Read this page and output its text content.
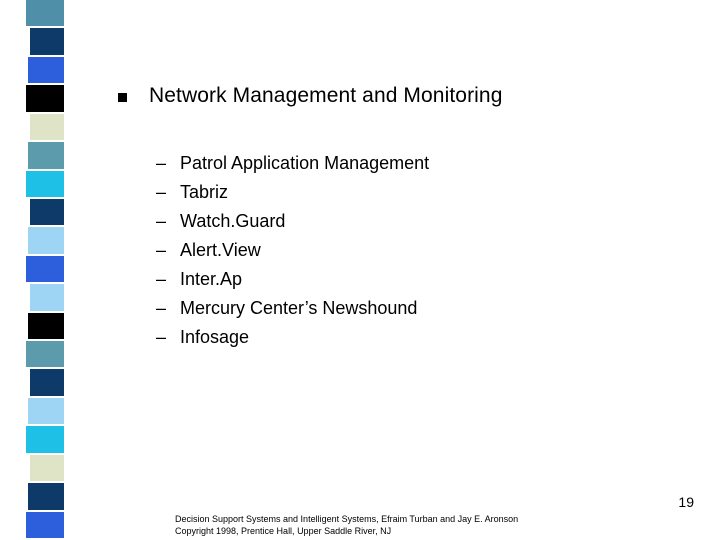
Network Management and Monitoring
– Patrol Application Management
– Tabriz
– Watch.Guard
– Alert.View
– Inter.Ap
– Mercury Center’s Newshound
– Infosage
19
Decision Support Systems and Intelligent Systems, Efraim Turban and Jay E. Aronson
Copyright 1998, Prentice Hall, Upper Saddle River, NJ
